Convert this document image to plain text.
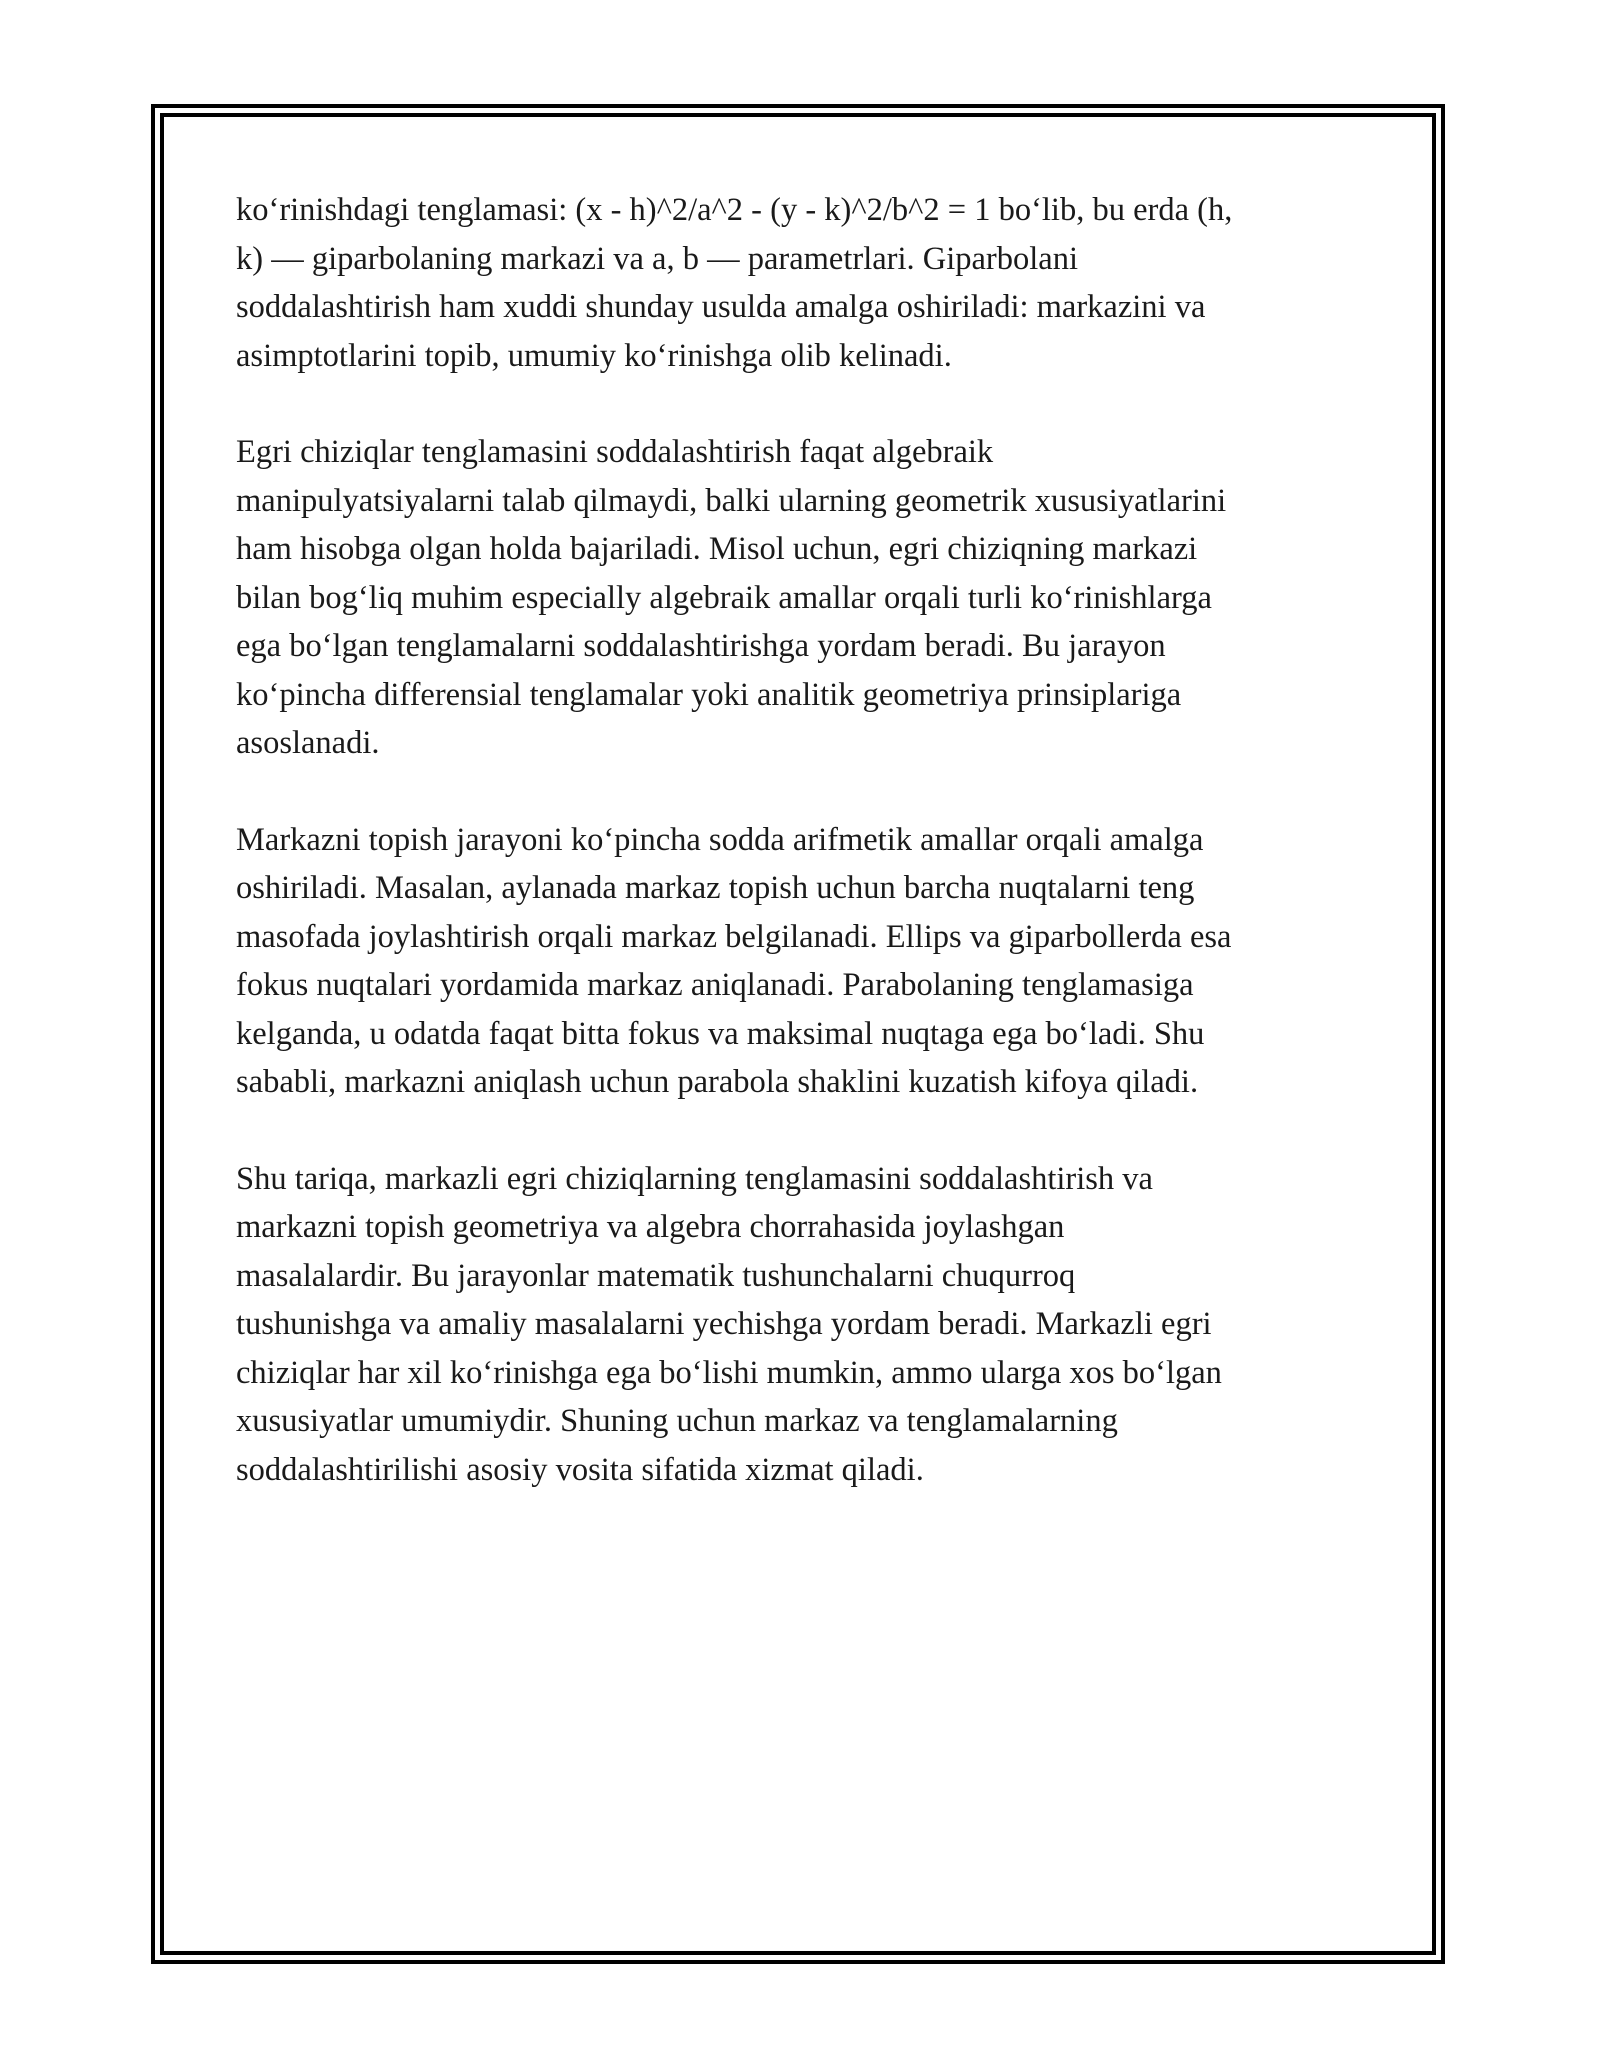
ko‘rinishdagi tenglamasi: (x - h)^2/a^2 - (y - k)^2/b^2 = 1 bo‘lib, bu erda (h,
k) — giparbolaning markazi va a, b — parametrlari. Giparbolani
soddalashtirish ham xuddi shunday usulda amalga oshiriladi: markazini va
asimptotlarini topib, umumiy ko‘rinishga olib kelinadi.

Egri chiziqlar tenglamasini soddalashtirish faqat algebraik
manipulyatsiyalarni talab qilmaydi, balki ularning geometrik xususiyatlarini
ham hisobga olgan holda bajariladi. Misol uchun, egri chiziqning markazi
bilan bog‘liq muhim especially algebraik amallar orqali turli ko‘rinishlarga
ega bo‘lgan tenglamalarni soddalashtirishga yordam beradi. Bu jarayon
ko‘pincha differensial tenglamalar yoki analitik geometriya prinsiplariga
asoslanadi.

Markazni topish jarayoni ko‘pincha sodda arifmetik amallar orqali amalga
oshiriladi. Masalan, aylanada markaz topish uchun barcha nuqtalarni teng
masofada joylashtirish orqali markaz belgilanadi. Ellips va giparbollerda esa
fokus nuqtalari yordamida markaz aniqlanadi. Parabolaning tenglamasiga
kelganda, u odatda faqat bitta fokus va maksimal nuqtaga ega bo‘ladi. Shu
sababli, markazni aniqlash uchun parabola shaklini kuzatish kifoya qiladi.

Shu tariqa, markazli egri chiziqlarning tenglamasini soddalashtirish va
markazni topish geometriya va algebra chorrahasida joylashgan
masalalardir. Bu jarayonlar matematik tushunchalarni chuqurroq
tushunishga va amaliy masalalarni yechishga yordam beradi. Markazli egri
chiziqlar har xil ko‘rinishga ega bo‘lishi mumkin, ammo ularga xos bo‘lgan
xususiyatlar umumiydir. Shuning uchun markaz va tenglamalarning
soddalashtirilishi asosiy vosita sifatida xizmat qiladi.
